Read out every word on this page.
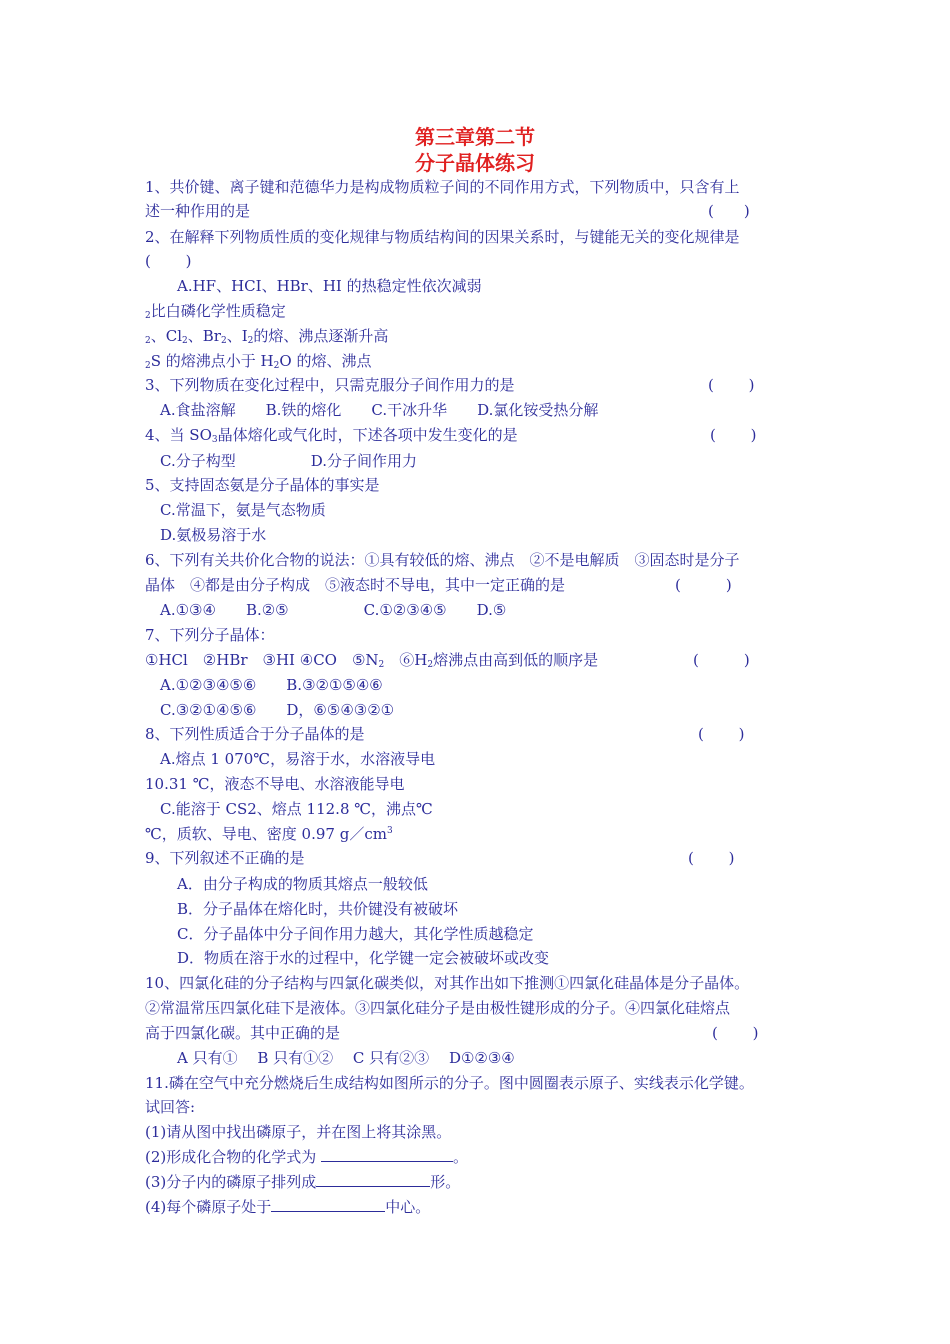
第三章第二节
分子晶体练习
1、共价键、离子键和范德华力是构成物质粒子间的不同作用方式，下列物质中，只含有上
述一种作用的是	(　　)
2、在解释下列物质性质的变化规律与物质结构间的因果关系时，与键能无关的变化规律是
(　　 )
A.HF、HCI、HBr、HI 的热稳定性依次减弱
$_2$比白磷化学性质稳定
$_2$、$Cl_2$、$Br_2$、$I_2$的熔、沸点逐渐升高
$_2$S 的熔沸点小于 $H_2O$ 的熔、沸点
3、下列物质在变化过程中，只需克服分子间作用力的是	(　　 )
A.食盐溶解　　B.铁的熔化　　C.干冰升华　　D.氯化铵受热分解
4、当 $SO_3$晶体熔化或气化时，下述各项中发生变化的是	(　　 )
C.分子构型　　　　　D.分子间作用力
5、支持固态氨是分子晶体的事实是
C.常温下，氨是气态物质
D.氨极易溶于水
6、下列有关共价化合物的说法：①具有较低的熔、沸点　②不是电解质　③固态时是分子
晶体　④都是由分子构成　⑤液态时不导电，其中一定正确的是	(　　　)
A.①③④　　B.②⑤　　　　　C.①②③④⑤　　D.⑤
7、下列分子晶体：
①HCl　②HBr　③HI ④CO　$⑤N_2$　$⑥H_2$熔沸点由高到低的顺序是	(　　　)
A.①②③④⑤⑥　　B.③②①⑤④⑥
C.③②①④⑤⑥　　D，⑥⑤④③②①
8、下列性质适合于分子晶体的是	(　　 )
A.熔点 1 070℃，易溶于水，水溶液导电
10.31 ℃，液态不导电、水溶液能导电
C.能溶于 CS2、熔点 112.8 ℃，沸点℃
℃，质软、导电、密度 0.97 $g/cm^3$
9、下列叙述不正确的是	(　　 )
A．由分子构成的物质其熔点一般较低
B．分子晶体在熔化时，共价键没有被破坏
C．分子晶体中分子间作用力越大，其化学性质越稳定
D．物质在溶于水的过程中，化学键一定会被破坏或改变
10、四氯化硅的分子结构与四氯化碳类似，对其作出如下推测①四氯化硅晶体是分子晶体。
②常温常压四氯化硅下是液体。③四氯化硅分子是由极性键形成的分子。④四氯化硅熔点
高于四氯化碳。其中正确的是	(　　 )
A 只有①　 B 只有①②　 C 只有②③　 D①②③④
11.磷在空气中充分燃烧后生成结构如图所示的分子。图中圆圈表示原子、实线表示化学键。
试回答:
(1)请从图中找出磷原子，并在图上将其涂黑。
(2)形成化合物的化学式为	。
(3)分子内的磷原子排列成	形。
(4)每个磷原子处于	中心。
